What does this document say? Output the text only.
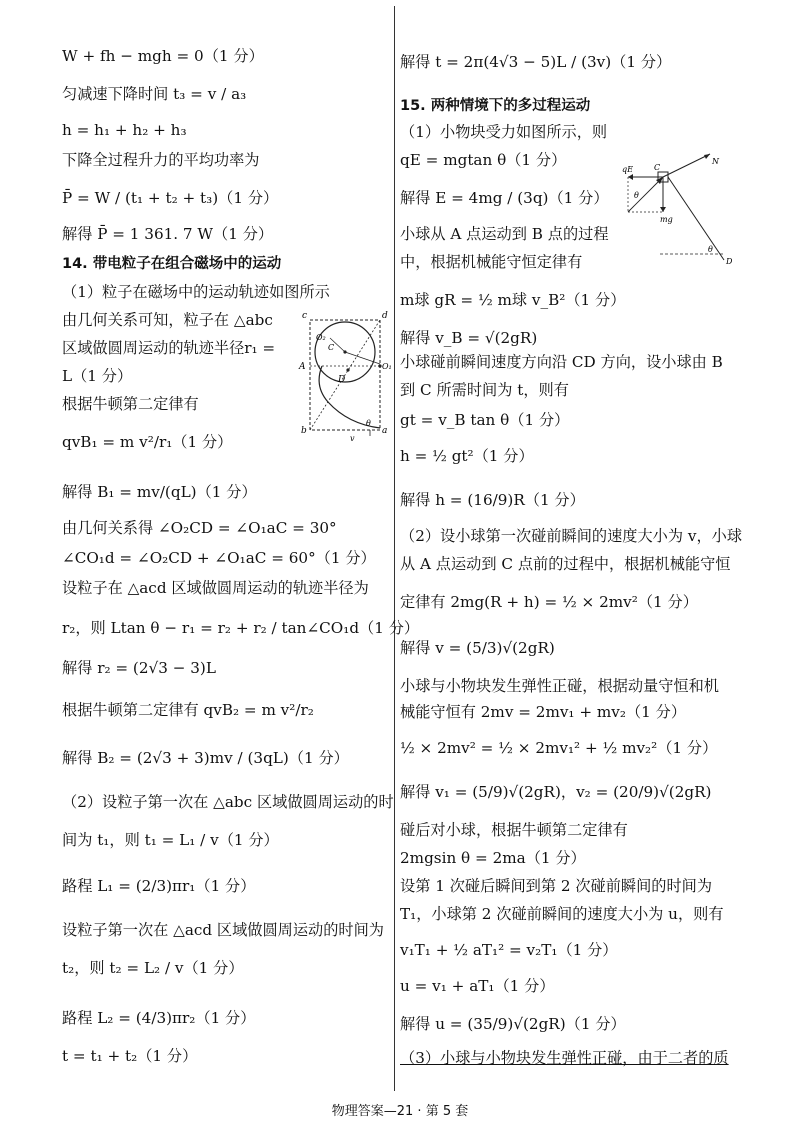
W + fh − mgh = 0（1 分）
匀减速下降时间 t₃ = v / a₃
h = h₁ + h₂ + h₃
下降全过程升力的平均功率为
P̄ = W / (t₁ + t₂ + t₃)（1 分）
解得 P̄ = 1 361. 7 W（1 分）
14. 带电粒子在组合磁场中的运动
（1）粒子在磁场中的运动轨迹如图所示
由几何关系可知，粒子在 △abc
区域做圆周运动的轨迹半径r₁ =
L（1 分）
根据牛顿第二定律有
qvB₁ = m v²/r₁（1 分）
解得 B₁ = mv/(qL)（1 分）
由几何关系得 ∠O₂CD = ∠O₁aC = 30°
∠CO₁d = ∠O₂CD + ∠O₁aC = 60°（1 分）
设粒子在 △acd 区域做圆周运动的轨迹半径为
r₂，则 Ltan θ − r₁ = r₂ + r₂ / tan∠CO₁d（1 分）
解得 r₂ = (2√3 − 3)L
根据牛顿第二定律有 qvB₂ = m v²/r₂
解得 B₂ = (2√3 + 3)mv / (3qL)（1 分）
（2）设粒子第一次在 △abc 区域做圆周运动的时
间为 t₁，则 t₁ = L₁ / v（1 分）
路程 L₁ = (2/3)πr₁（1 分）
设粒子第一次在 △acd 区域做圆周运动的时间为
t₂，则 t₂ = L₂ / v（1 分）
路程 L₂ = (4/3)πr₂（1 分）
t = t₁ + t₂（1 分）
c	d
O₂
O₁
C
A
D
b	a
v
θ
解得 t = 2π(4√3 − 5)L / (3v)（1 分）
15. 两种情境下的多过程运动
（1）小物块受力如图所示，则
qE = mgtan θ（1 分）
解得 E = 4mg / (3q)（1 分）
小球从 A 点运动到 B 点的过程
中，根据机械能守恒定律有
m球 gR = ½ m球 v_B²（1 分）
解得 v_B = √(2gR)
小球碰前瞬间速度方向沿 CD 方向，设小球由 B
到 C 所需时间为 t，则有
gt = v_B tan θ（1 分）
h = ½ gt²（1 分）
解得 h = (16/9)R（1 分）
（2）设小球第一次碰前瞬间的速度大小为 v，小球
从 A 点运动到 C 点前的过程中，根据机械能守恒
定律有 2mg(R + h) = ½ × 2mv²（1 分）
解得 v = (5/3)√(2gR)
小球与小物块发生弹性正碰，根据动量守恒和机
械能守恒有 2mv = 2mv₁ + mv₂（1 分）
½ × 2mv² = ½ × 2mv₁² + ½ mv₂²（1 分）
解得 v₁ = (5/9)√(2gR)，v₂ = (20/9)√(2gR)
碰后对小球，根据牛顿第二定律有
2mgsin θ = 2ma（1 分）
设第 1 次碰后瞬间到第 2 次碰前瞬间的时间为
T₁，小球第 2 次碰前瞬间的速度大小为 u，则有
v₁T₁ + ½ aT₁² = v₂T₁（1 分）
u = v₁ + aT₁（1 分）
解得 u = (35/9)√(2gR)（1 分）
（3）小球与小物块发生弹性正碰，由于二者的质
qE	C
N
θ
mg
θ
D
物理答案—21 · 第 5 套
